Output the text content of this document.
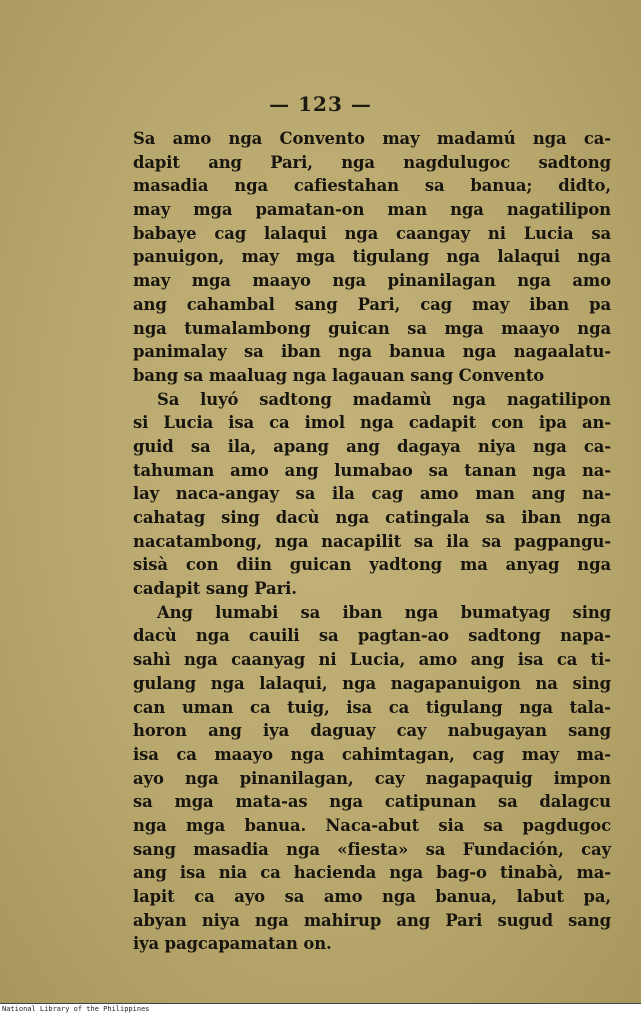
— 123 —
Sa amo nga Convento may madamú nga ca-
dapit ang Pari, nga nagdulugoc sadtong
masadia nga cafiestahan sa banua; didto,
may mga pamatan-on man nga nagatilipon
babaye cag lalaqui nga caangay ni Lucia sa
panuigon, may mga tigulang nga lalaqui nga
may mga maayo nga pinanilagan nga amo
ang cahambal sang Pari, cag may iban pa
nga tumalambong guican sa mga maayo nga
panimalay sa iban nga banua nga nagaalatu-
bang sa maaluag nga lagauan sang Convento
Sa luyó sadtong madamù nga nagatilipon
si Lucia isa ca imol nga cadapit con ipa an-
guid sa ila, apang ang dagaya niya nga ca-
tahuman amo ang lumabao sa tanan nga na-
lay naca-angay sa ila cag amo man ang na-
cahatag sing dacù nga catingala sa iban nga
nacatambong, nga nacapilit sa ila sa pagpangu-
sisà con diin guican yadtong ma anyag nga
cadapit sang Pari.
Ang lumabi sa iban nga bumatyag sing
dacù nga cauili sa pagtan-ao sadtong napa-
sahì nga caanyag ni Lucia, amo ang isa ca ti-
gulang nga lalaqui, nga nagapanuigon na sing
can uman ca tuig, isa ca tigulang nga tala-
horon ang iya daguay cay nabugayan sang
isa ca maayo nga cahimtagan, cag may ma-
ayo nga pinanilagan, cay nagapaquig impon
sa mga mata-as nga catipunan sa dalagcu
nga mga banua. Naca-abut sia sa pagdugoc
sang masadia nga «fiesta» sa Fundación, cay
ang isa nia ca hacienda nga bag-o tinabà, ma-
lapit ca ayo sa amo nga banua, labut pa,
abyan niya nga mahirup ang Pari sugud sang
iya pagcapamatan on.
National Library of the Philippines
